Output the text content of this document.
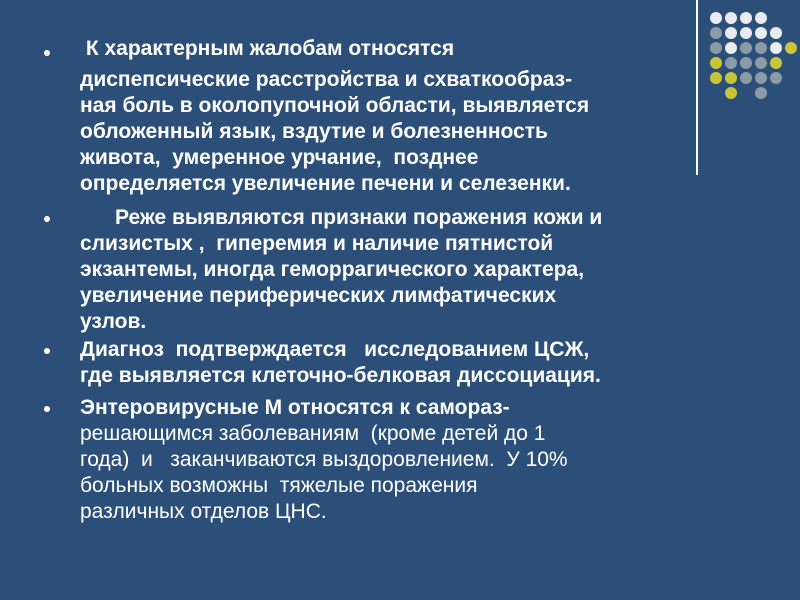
К характерным жалобам относятся
диспепсические расстройства и схваткообраз-
ная боль в околопупочной области, выявляется
обложенный язык, вздутие и болезненность
живота,  умеренное урчание,  позднее
определяется увеличение печени и селезенки.
Реже выявляются признаки поражения кожи и
слизистых ,  гиперемия и наличие пятнистой
экзантемы, иногда геморрагического характера,
увеличение периферических лимфатических
узлов.
Диагноз  подтверждается   исследованием ЦСЖ,
где выявляется клеточно-белковая диссоциация.
Энтеровирусные М относятся к самораз-
решающимся заболеваниям  (кроме детей до 1
года)  и   заканчиваются выздоровлением.  У 10%
больных возможны  тяжелые поражения
различных отделов ЦНС.
